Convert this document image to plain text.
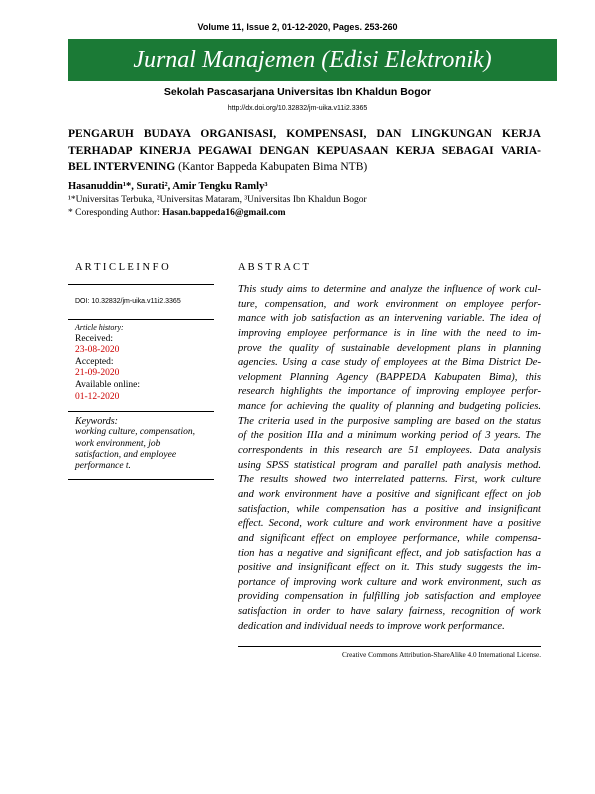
Volume 11, Issue 2, 01-12-2020, Pages. 253-260
Jurnal Manajemen (Edisi Elektronik)
Sekolah Pascasarjana Universitas Ibn Khaldun Bogor
http://dx.doi.org/10.32832/jm-uika.v11i2.3365
PENGARUH BUDAYA ORGANISASI, KOMPENSASI, DAN LINGKUNGAN KERJA
TERHADAP KINERJA PEGAWAI DENGAN KEPUASAAN KERJA SEBAGAI VARIA-
BEL INTERVENING (Kantor Bappeda Kabupaten Bima NTB)
Hasanuddin¹*, Surati², Amir Tengku Ramly³
¹*Universitas Terbuka, ²Universitas Mataram, ³Universitas Ibn Khaldun Bogor
* Coresponding Author: Hasan.bappeda16@gmail.com
A R T I C L E I N F O
DOI: 10.32832/jm-uika.v11i2.3365
Article history:
Received:
23-08-2020
Accepted:
21-09-2020
Available online:
01-12-2020
Keywords:
working culture, compensation,
work environment, job
satisfaction, and employee
performance t.
A B S T R A C T
This study aims to determine and analyze the influence of work cul-
ture, compensation, and work environment on employee perfor-
mance with job satisfaction as an intervening variable. The idea of
improving employee performance is in line with the need to im-
prove the quality of sustainable development plans in planning
agencies. Using a case study of employees at the Bima District De-
velopment Planning Agency (BAPPEDA Kabupaten Bima), this
research highlights the importance of improving employee perfor-
mance for achieving the quality of planning and budgeting policies.
The criteria used in the purposive sampling are based on the status
of the position IIIa and a minimum working period of 3 years. The
correspondents in this research are 51 employees. Data analysis
using SPSS statistical program and parallel path analysis method.
The results showed two interrelated patterns. First, work culture
and work environment have a positive and significant effect on job
satisfaction, while compensation has a positive and insignificant
effect. Second, work culture and work environment have a positive
and significant effect on employee performance, while compensa-
tion has a negative and significant effect, and job satisfaction has a
positive and insignificant effect on it. This study suggests the im-
portance of improving work culture and work environment, such as
providing compensation in fulfilling job satisfaction and employee
satisfaction in order to have salary fairness, recognition of work
dedication and individual needs to improve work performance.
Creative Commons Attribution-ShareAlike 4.0 International License.
